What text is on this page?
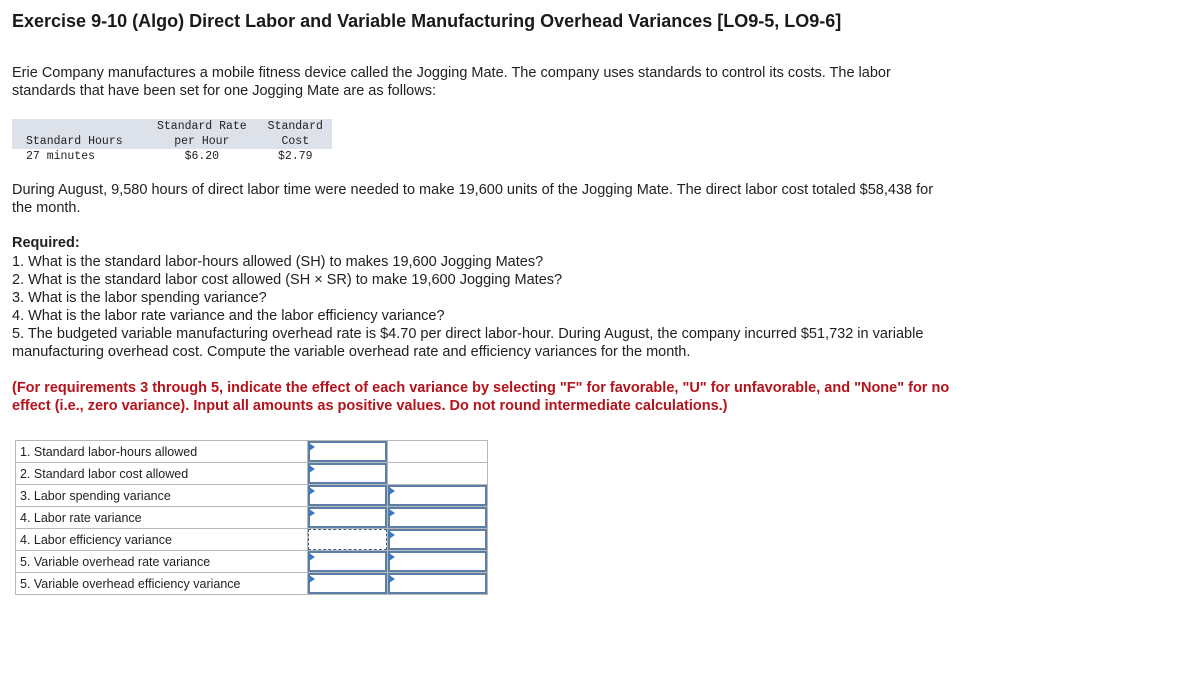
Exercise 9-10 (Algo) Direct Labor and Variable Manufacturing Overhead Variances [LO9-5, LO9-6]
Erie Company manufactures a mobile fitness device called the Jogging Mate. The company uses standards to control its costs. The labor standards that have been set for one Jogging Mate are as follows:
	Standard Rate	Standard
Standard Hours	per Hour	Cost
27 minutes	$6.20	$2.79
During August, 9,580 hours of direct labor time were needed to make 19,600 units of the Jogging Mate. The direct labor cost totaled $58,438 for the month.
Required:
1. What is the standard labor-hours allowed (SH) to makes 19,600 Jogging Mates?
2. What is the standard labor cost allowed (SH × SR) to make 19,600 Jogging Mates?
3. What is the labor spending variance?
4. What is the labor rate variance and the labor efficiency variance?
5. The budgeted variable manufacturing overhead rate is $4.70 per direct labor-hour. During August, the company incurred $51,732 in variable manufacturing overhead cost. Compute the variable overhead rate and efficiency variances for the month.
(For requirements 3 through 5, indicate the effect of each variance by selecting "F" for favorable, "U" for unfavorable, and "None" for no effect (i.e., zero variance). Input all amounts as positive values. Do not round intermediate calculations.)
1. Standard labor-hours allowed	

2. Standard labor cost allowed	

3. Labor spending variance	

4. Labor rate variance	

4. Labor efficiency variance	

5. Variable overhead rate variance	

5. Variable overhead efficiency variance	
